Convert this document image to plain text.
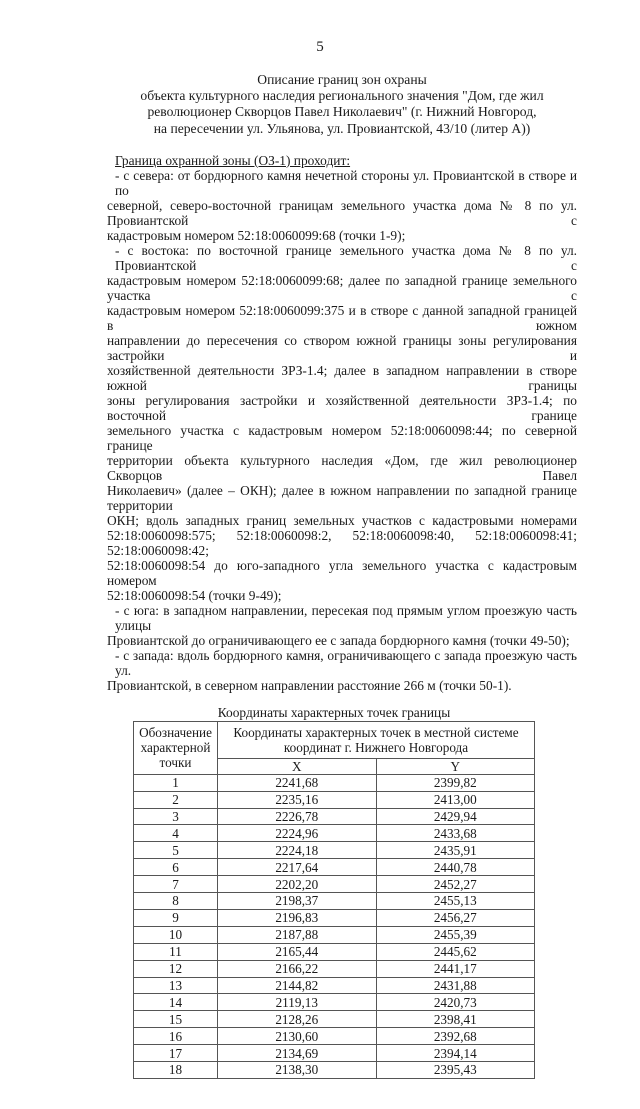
5
Описание границ зон охраны
объекта культурного наследия регионального значения "Дом, где жил
революционер Скворцов Павел Николаевич" (г. Нижний Новгород,
на пересечении ул. Ульянова, ул. Провиантской, 43/10 (литер А))
Граница охранной зоны (ОЗ-1) проходит:
- с севера: от бордюрного камня нечетной стороны ул. Провиантской в створе и по
северной, северо-восточной границам земельного участка дома № 8 по ул. Провиантской с
кадастровым номером 52:18:0060099:68 (точки 1-9);
- с востока: по восточной границе земельного участка дома № 8 по ул. Провиантской с
кадастровым номером 52:18:0060099:68; далее по западной границе земельного участка с
кадастровым номером 52:18:0060099:375 и в створе с данной западной границей в южном
направлении до пересечения со створом южной границы зоны регулирования застройки и
хозяйственной деятельности ЗРЗ-1.4; далее в западном направлении в створе южной границы
зоны регулирования застройки и хозяйственной деятельности ЗРЗ-1.4; по восточной границе
земельного участка с кадастровым номером 52:18:0060098:44; по северной границе
территории объекта культурного наследия «Дом, где жил революционер Скворцов Павел
Николаевич» (далее – ОКН); далее в южном направлении по западной границе территории
ОКН; вдоль западных границ земельных участков с кадастровыми номерами
52:18:0060098:575; 52:18:0060098:2, 52:18:0060098:40, 52:18:0060098:41; 52:18:0060098:42;
52:18:0060098:54 до юго-западного угла земельного участка с кадастровым номером
52:18:0060098:54 (точки 9-49);
- с юга: в западном направлении, пересекая под прямым углом проезжую часть улицы
Провиантской до ограничивающего ее с запада бордюрного камня (точки 49-50);
- с запада: вдоль бордюрного камня, ограничивающего с запада проезжую часть ул.
Провиантской, в северном направлении расстояние 266 м (точки 50-1).
Координаты характерных точек границы
Обозначение характерной точки	Координаты характерных точек в местной системе координат г. Нижнего Новгорода	
	X	Y
1	2241,68	2399,82
2	2235,16	2413,00
3	2226,78	2429,94
4	2224,96	2433,68
5	2224,18	2435,91
6	2217,64	2440,78
7	2202,20	2452,27
8	2198,37	2455,13
9	2196,83	2456,27
10	2187,88	2455,39
11	2165,44	2445,62
12	2166,22	2441,17
13	2144,82	2431,88
14	2119,13	2420,73
15	2128,26	2398,41
16	2130,60	2392,68
17	2134,69	2394,14
18	2138,30	2395,43
